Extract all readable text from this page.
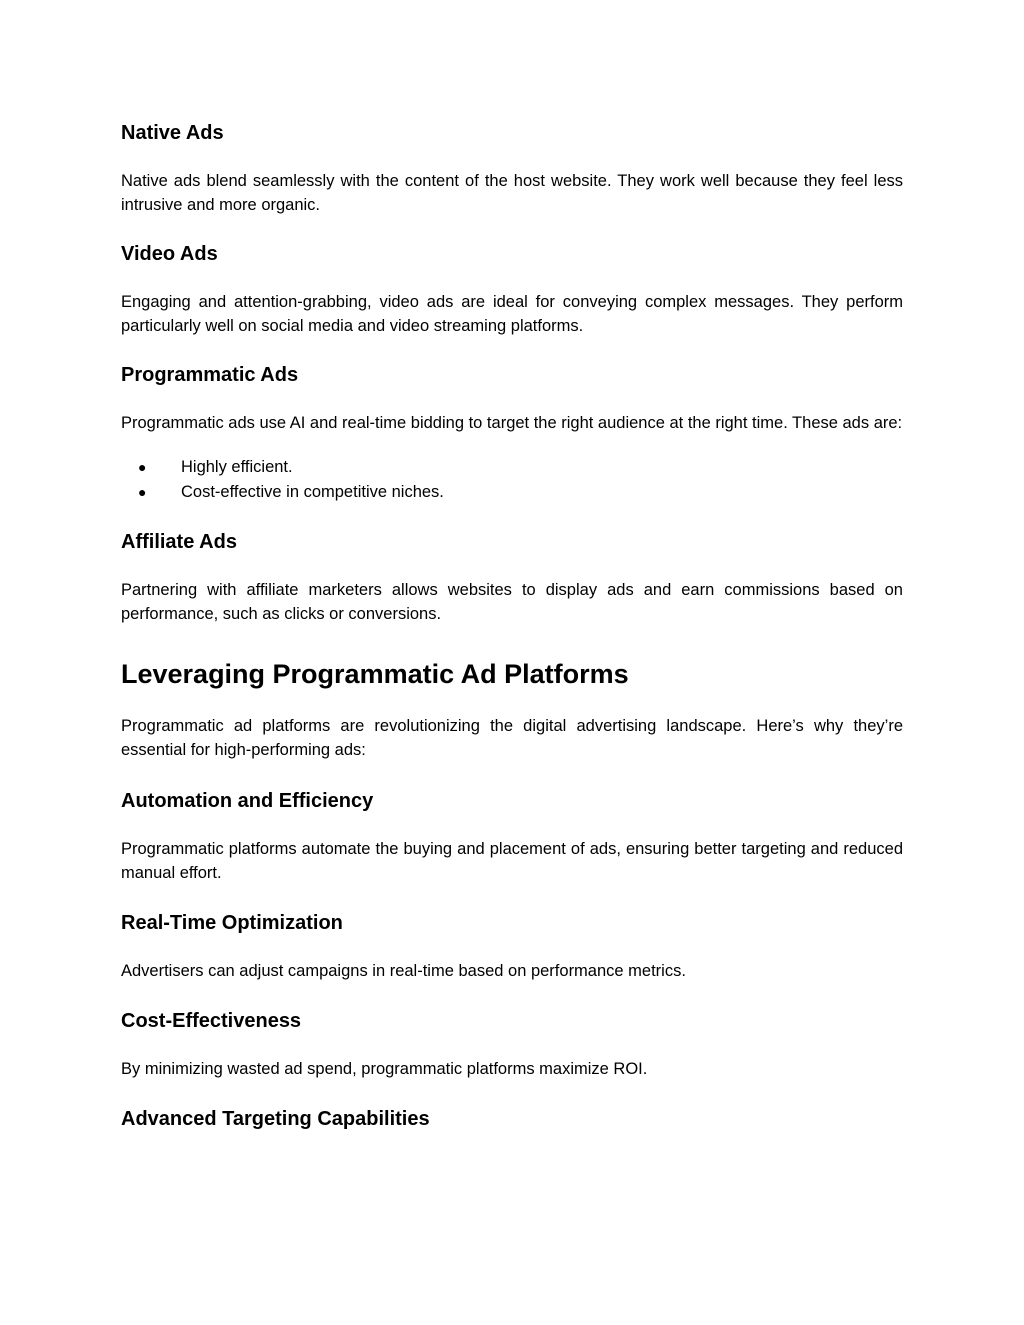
Native Ads

Native ads blend seamlessly with the content of the host website. They work well because they feel less intrusive and more organic.

Video Ads

Engaging and attention-grabbing, video ads are ideal for conveying complex messages. They perform particularly well on social media and video streaming platforms.

Programmatic Ads

Programmatic ads use AI and real-time bidding to target the right audience at the right time. These ads are:

● Highly efficient.
● Cost-effective in competitive niches.
Affiliate Ads

Partnering with affiliate marketers allows websites to display ads and earn commissions based on performance, such as clicks or conversions.

Leveraging Programmatic Ad Platforms

Programmatic ad platforms are revolutionizing the digital advertising landscape. Here’s why they’re essential for high-performing ads:

Automation and Efficiency

Programmatic platforms automate the buying and placement of ads, ensuring better targeting and reduced manual effort.

Real-Time Optimization

Advertisers can adjust campaigns in real-time based on performance metrics.

Cost-Effectiveness

By minimizing wasted ad spend, programmatic platforms maximize ROI.

Advanced Targeting Capabilities
